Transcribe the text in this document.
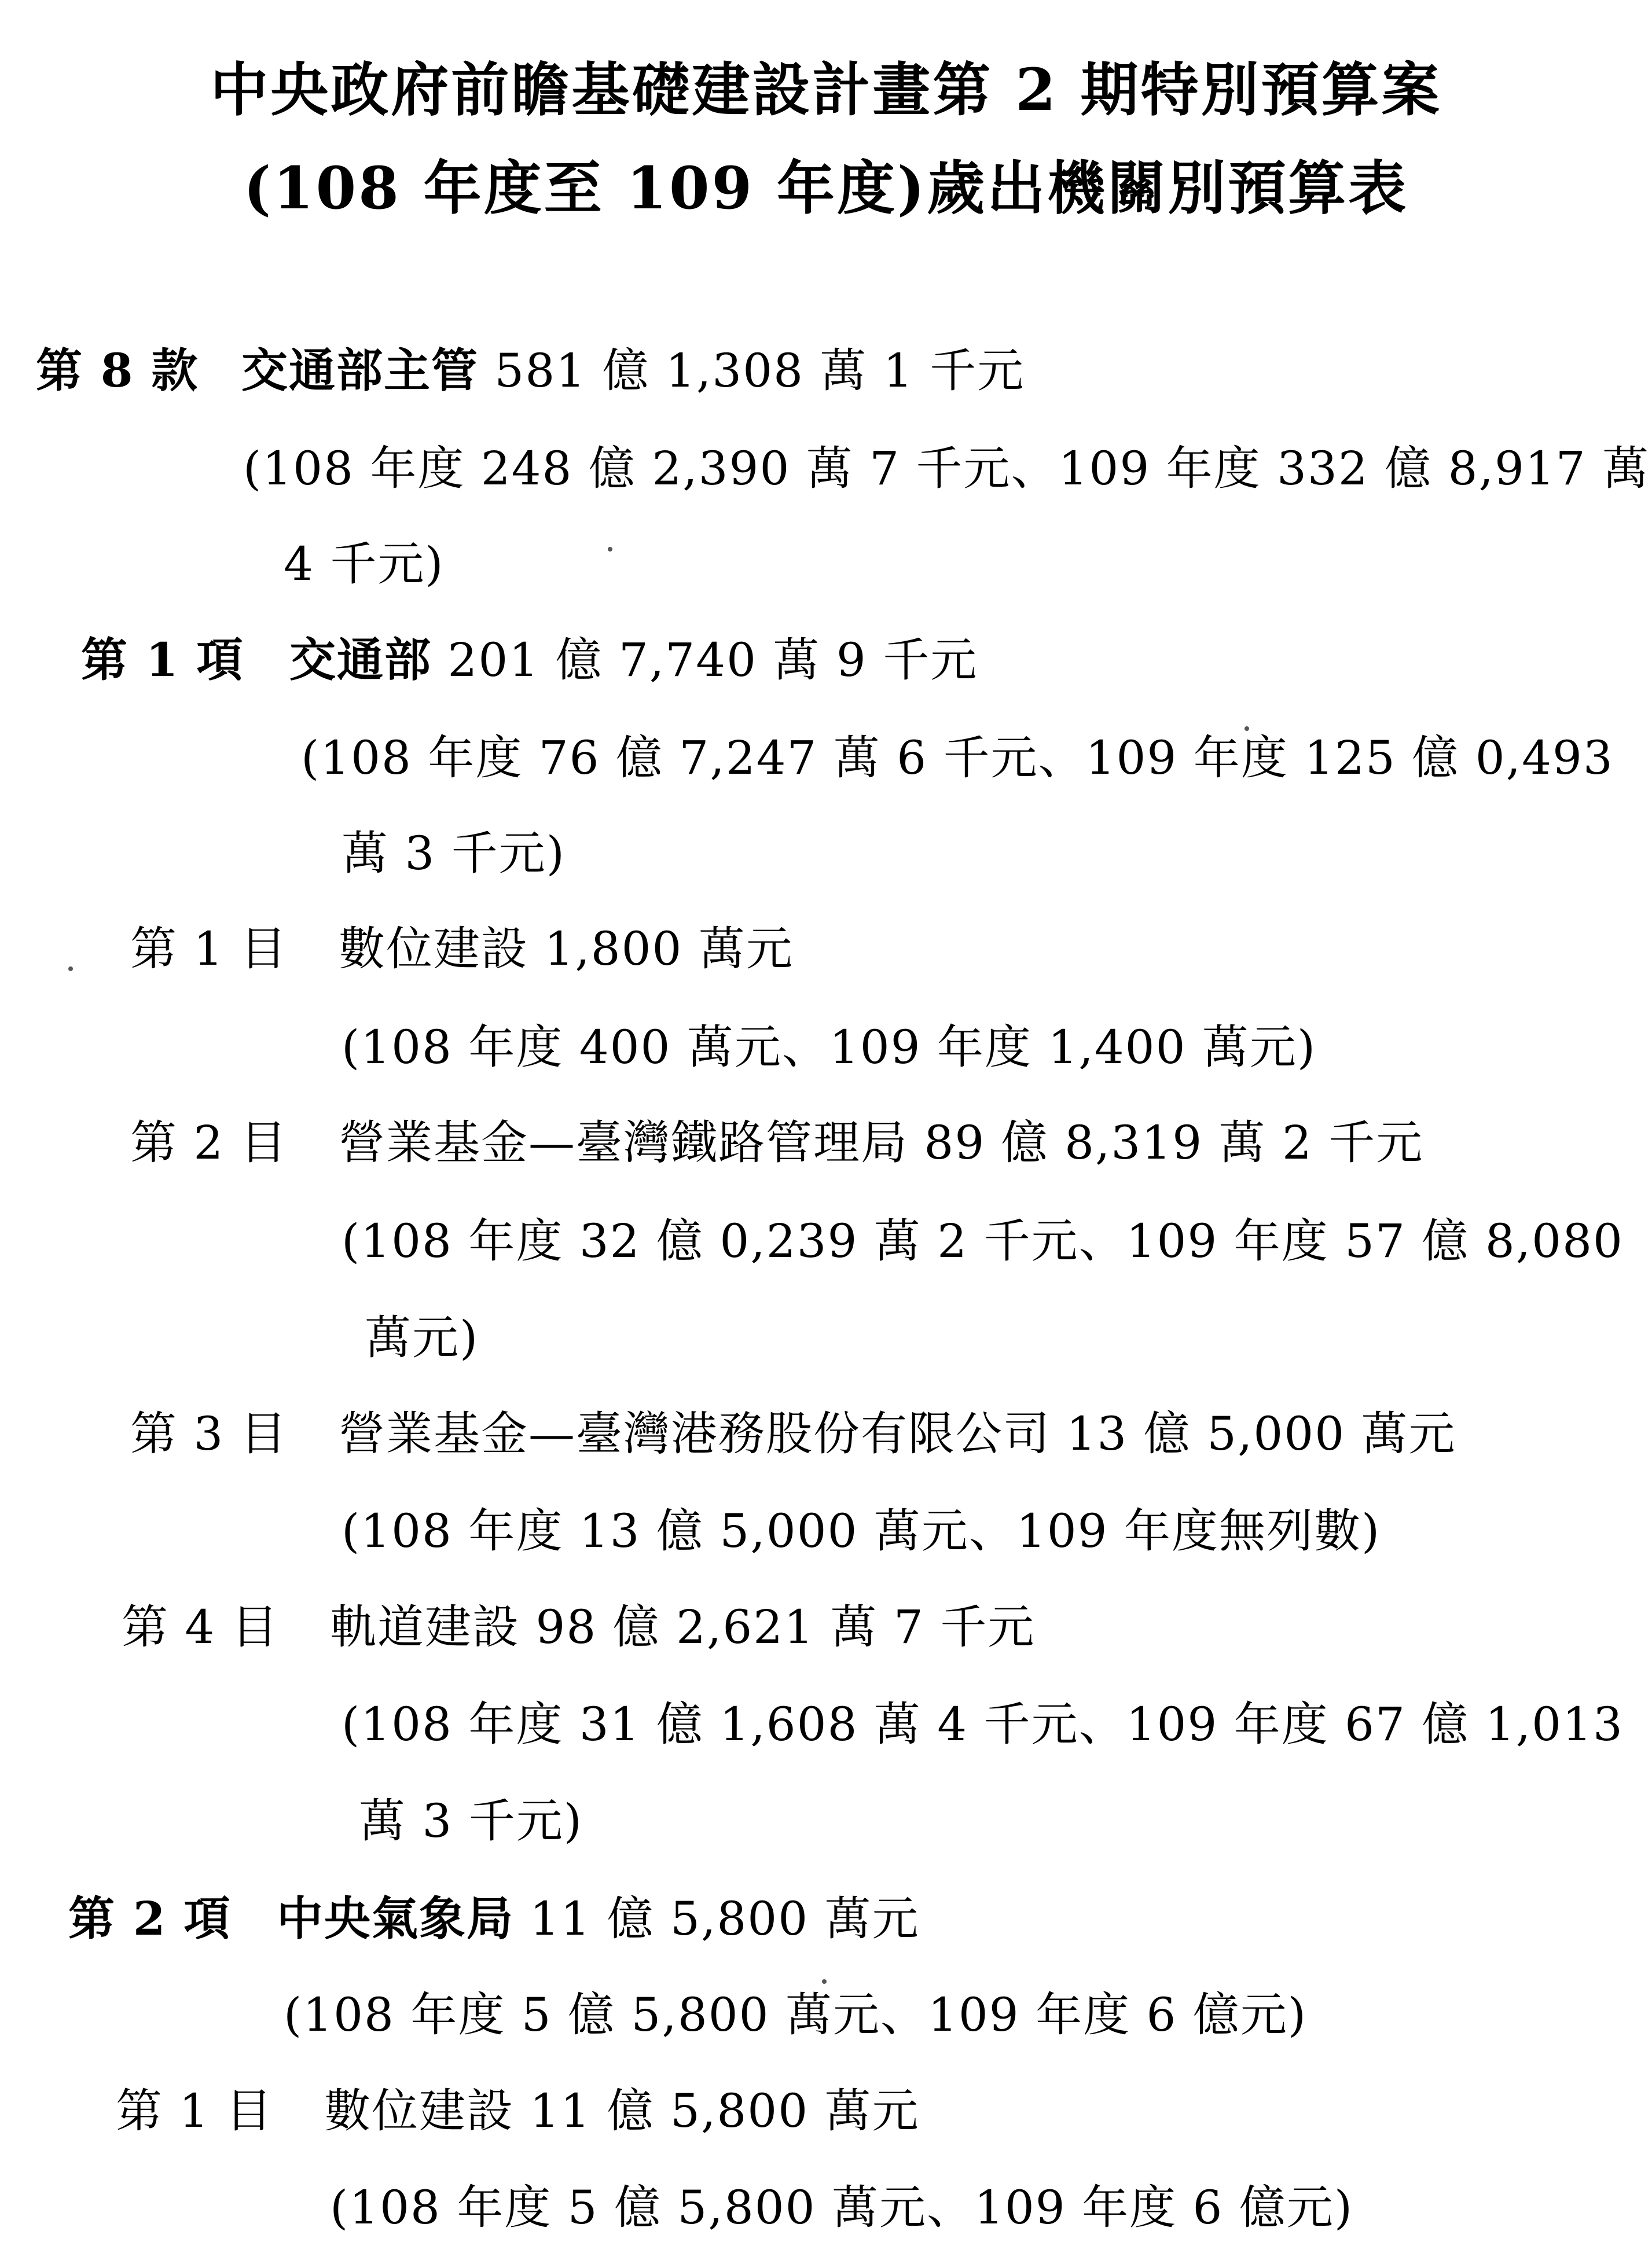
中央政府前瞻基礎建設計畫第 2 期特別預算案
(108 年度至 109 年度)歲出機關別預算表
第 8 款 交通部主管 581 億 1,308 萬 1 千元
(108 年度 248 億 2,390 萬 7 千元、109 年度 332 億 8,917 萬
4 千元)
第 1 項 交通部 201 億 7,740 萬 9 千元
(108 年度 76 億 7,247 萬 6 千元、109 年度 125 億 0,493
萬 3 千元)
第 1 目 數位建設 1,800 萬元
(108 年度 400 萬元、109 年度 1,400 萬元)
第 2 目 營業基金—臺灣鐵路管理局 89 億 8,319 萬 2 千元
(108 年度 32 億 0,239 萬 2 千元、109 年度 57 億 8,080
萬元)
第 3 目 營業基金—臺灣港務股份有限公司 13 億 5,000 萬元
(108 年度 13 億 5,000 萬元、109 年度無列數)
第 4 目 軌道建設 98 億 2,621 萬 7 千元
(108 年度 31 億 1,608 萬 4 千元、109 年度 67 億 1,013
萬 3 千元)
第 2 項 中央氣象局 11 億 5,800 萬元
(108 年度 5 億 5,800 萬元、109 年度 6 億元)
第 1 目 數位建設 11 億 5,800 萬元
(108 年度 5 億 5,800 萬元、109 年度 6 億元)
